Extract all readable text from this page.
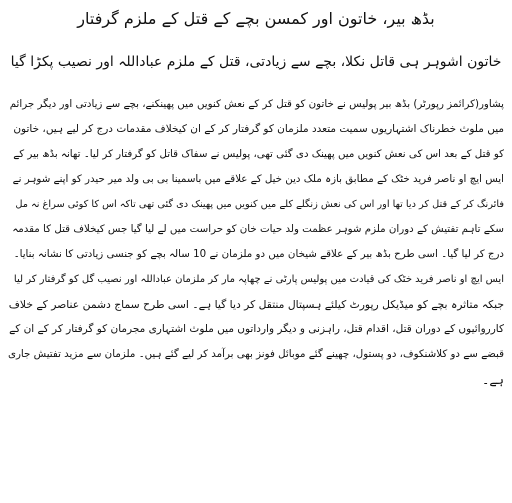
بڈھ بیر، خاتون اور کمسن بچے کے قتل کے ملزم گرفتار
خاتون اشوہر ہی قاتل نکلا، بچے سے زیادتی، قتل کے ملزم عباداللہ اور نصیب پکڑا گیا
پشاور(کرائمز رپورٹر) بڈھ بیر پولیس نے خاتون کو قتل کر کے نعش کنویں میں پھینکنے، بچے سے زیادتی اور دیگر جرائم
میں ملوث خطرناک اشتہاریوں سمیت متعدد ملزمان کو گرفتار کر کے ان کیخلاف مقدمات درج کر لیے ہیں، خاتون
کو قتل کے بعد اس کی نعش کنویں میں پھینک دی گئی تھی، پولیس نے سفاک قاتل کو گرفتار کر لیا۔ تھانہ بڈھ بیر کے
ایس ایچ او ناصر فرید خٹک کے مطابق بازہ ملک دین خیل کے علاقے میں باسمینا بی بی ولد میر حیدر کو اپنے شوہر نے
فائرنگ کر کے قتل کر دیا تھا اور اس کی نعش زنگلے کلے میں کنویں میں پھینک دی گئی تھی تاکہ اس کا کوئی سراغ نہ مل
سکے تاہم تفتیش کے دوران ملزم شوہر عظمت ولد حیات خان کو حراست میں لے لیا گیا جس کیخلاف قتل کا مقدمہ
درج کر لیا گیا۔ اسی طرح بڈھ بیر کے علاقے شیخان میں دو ملزمان نے 10 سالہ بچے کو جنسی زیادتی کا نشانہ بنایا۔
ایس ایچ او ناصر فرید خٹک کی قیادت میں پولیس پارٹی نے چھاپہ مار کر ملزمان عباداللہ اور نصیب گل کو گرفتار کر لیا
جبکہ متاثرہ بچے کو میڈیکل رپورٹ کیلئے ہسپتال منتقل کر دیا گیا ہے۔ اسی طرح سماج دشمن عناصر کے خلاف
کارروائیوں کے دوران قتل، اقدام قتل، راہزنی و دیگر وارداتوں میں ملوث اشتہاری مجرمان کو گرفتار کر کے ان کے
قبضے سے دو کلاشنکوف، دو پستول، چھینے گئے موبائل فونز بھی برآمد کر لیے گئے ہیں۔ ملزمان سے مزید تفتیش جاری
ہے۔
